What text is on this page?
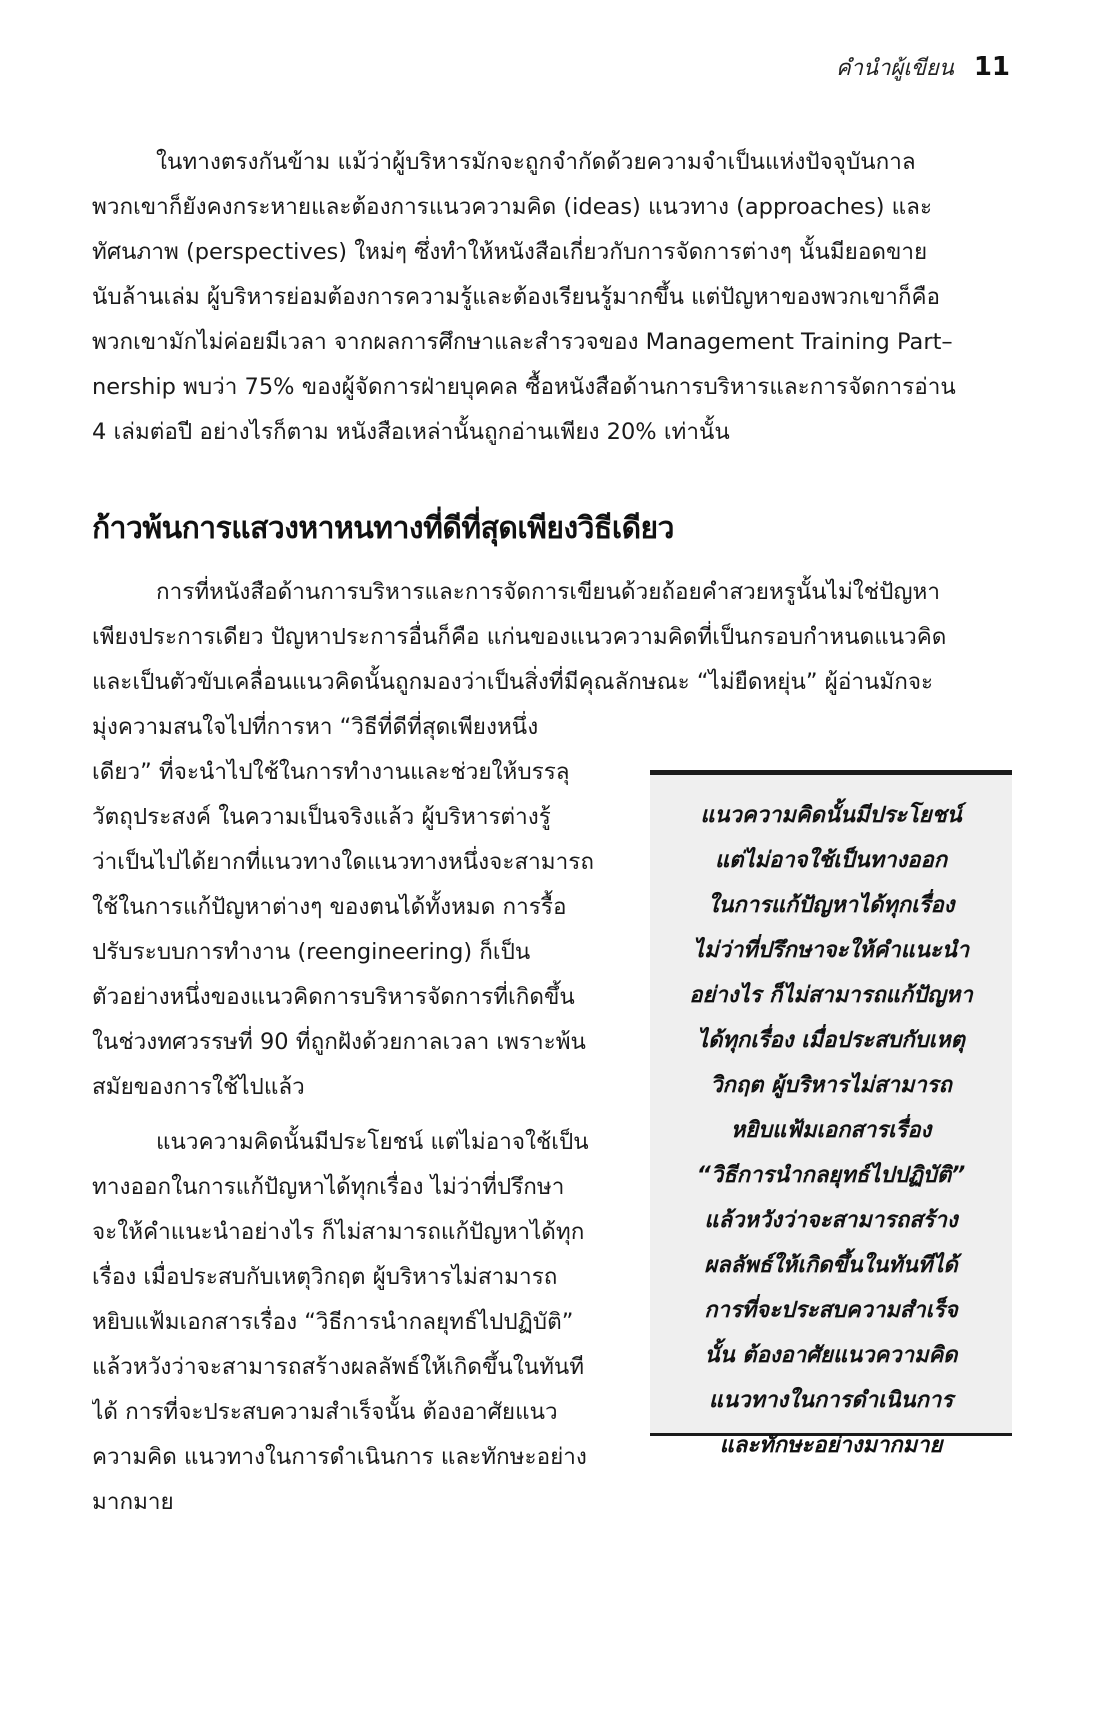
คำนำผู้เขียน 11

ในทางตรงกันข้าม แม้ว่าผู้บริหารมักจะถูกจำกัดด้วยความจำเป็นแห่งปัจจุบันกาล
พวกเขาก็ยังคงกระหายและต้องการแนวความคิด (ideas) แนวทาง (approaches) และ
ทัศนภาพ (perspectives) ใหม่ๆ ซึ่งทำให้หนังสือเกี่ยวกับการจัดการต่างๆ นั้นมียอดขาย
นับล้านเล่ม ผู้บริหารย่อมต้องการความรู้และต้องเรียนรู้มากขึ้น แต่ปัญหาของพวกเขาก็คือ
พวกเขามักไม่ค่อยมีเวลา จากผลการศึกษาและสำรวจของ Management Training Part–
nership พบว่า 75% ของผู้จัดการฝ่ายบุคคล ซื้อหนังสือด้านการบริหารและการจัดการอ่าน
4 เล่มต่อปี อย่างไรก็ตาม หนังสือเหล่านั้นถูกอ่านเพียง 20% เท่านั้น

ก้าวพ้นการแสวงหาหนทางที่ดีที่สุดเพียงวิธีเดียว

การที่หนังสือด้านการบริหารและการจัดการเขียนด้วยถ้อยคำสวยหรูนั้นไม่ใช่ปัญหา
เพียงประการเดียว ปัญหาประการอื่นก็คือ แก่นของแนวความคิดที่เป็นกรอบกำหนดแนวคิด
และเป็นตัวขับเคลื่อนแนวคิดนั้นถูกมองว่าเป็นสิ่งที่มีคุณลักษณะ “ไม่ยืดหยุ่น” ผู้อ่านมักจะ

มุ่งความสนใจไปที่การหา “วิธีที่ดีที่สุดเพียงหนึ่ง
เดียว” ที่จะนำไปใช้ในการทำงานและช่วยให้บรรลุ
วัตถุประสงค์ ในความเป็นจริงแล้ว ผู้บริหารต่างรู้
ว่าเป็นไปได้ยากที่แนวทางใดแนวทางหนึ่งจะสามารถ
ใช้ในการแก้ปัญหาต่างๆ ของตนได้ทั้งหมด การรื้อ
ปรับระบบการทำงาน (reengineering) ก็เป็น
ตัวอย่างหนึ่งของแนวคิดการบริหารจัดการที่เกิดขึ้น
ในช่วงทศวรรษที่ 90 ที่ถูกฝังด้วยกาลเวลา เพราะพ้น
สมัยของการใช้ไปแล้ว
แนวความคิดนั้นมีประโยชน์ แต่ไม่อาจใช้เป็น
ทางออกในการแก้ปัญหาได้ทุกเรื่อง ไม่ว่าที่ปรึกษา
จะให้คำแนะนำอย่างไร ก็ไม่สามารถแก้ปัญหาได้ทุก
เรื่อง เมื่อประสบกับเหตุวิกฤต ผู้บริหารไม่สามารถ
หยิบแฟ้มเอกสารเรื่อง “วิธีการนำกลยุทธ์ไปปฏิบัติ”
แล้วหวังว่าจะสามารถสร้างผลลัพธ์ให้เกิดขึ้นในทันที
ได้ การที่จะประสบความสำเร็จนั้น ต้องอาศัยแนว
ความคิด แนวทางในการดำเนินการ และทักษะอย่าง
มากมาย
แนวความคิดนั้นมีประโยชน์
แต่ไม่อาจใช้เป็นทางออก
ในการแก้ปัญหาได้ทุกเรื่อง
ไม่ว่าที่ปรึกษาจะให้คำแนะนำ
อย่างไร ก็ไม่สามารถแก้ปัญหา
ได้ทุกเรื่อง เมื่อประสบกับเหตุ
วิกฤต ผู้บริหารไม่สามารถ
หยิบแฟ้มเอกสารเรื่อง
“วิธีการนำกลยุทธ์ไปปฏิบัติ”
แล้วหวังว่าจะสามารถสร้าง
ผลลัพธ์ให้เกิดขึ้นในทันทีได้
การที่จะประสบความสำเร็จ
นั้น ต้องอาศัยแนวความคิด
แนวทางในการดำเนินการ
และทักษะอย่างมากมาย
